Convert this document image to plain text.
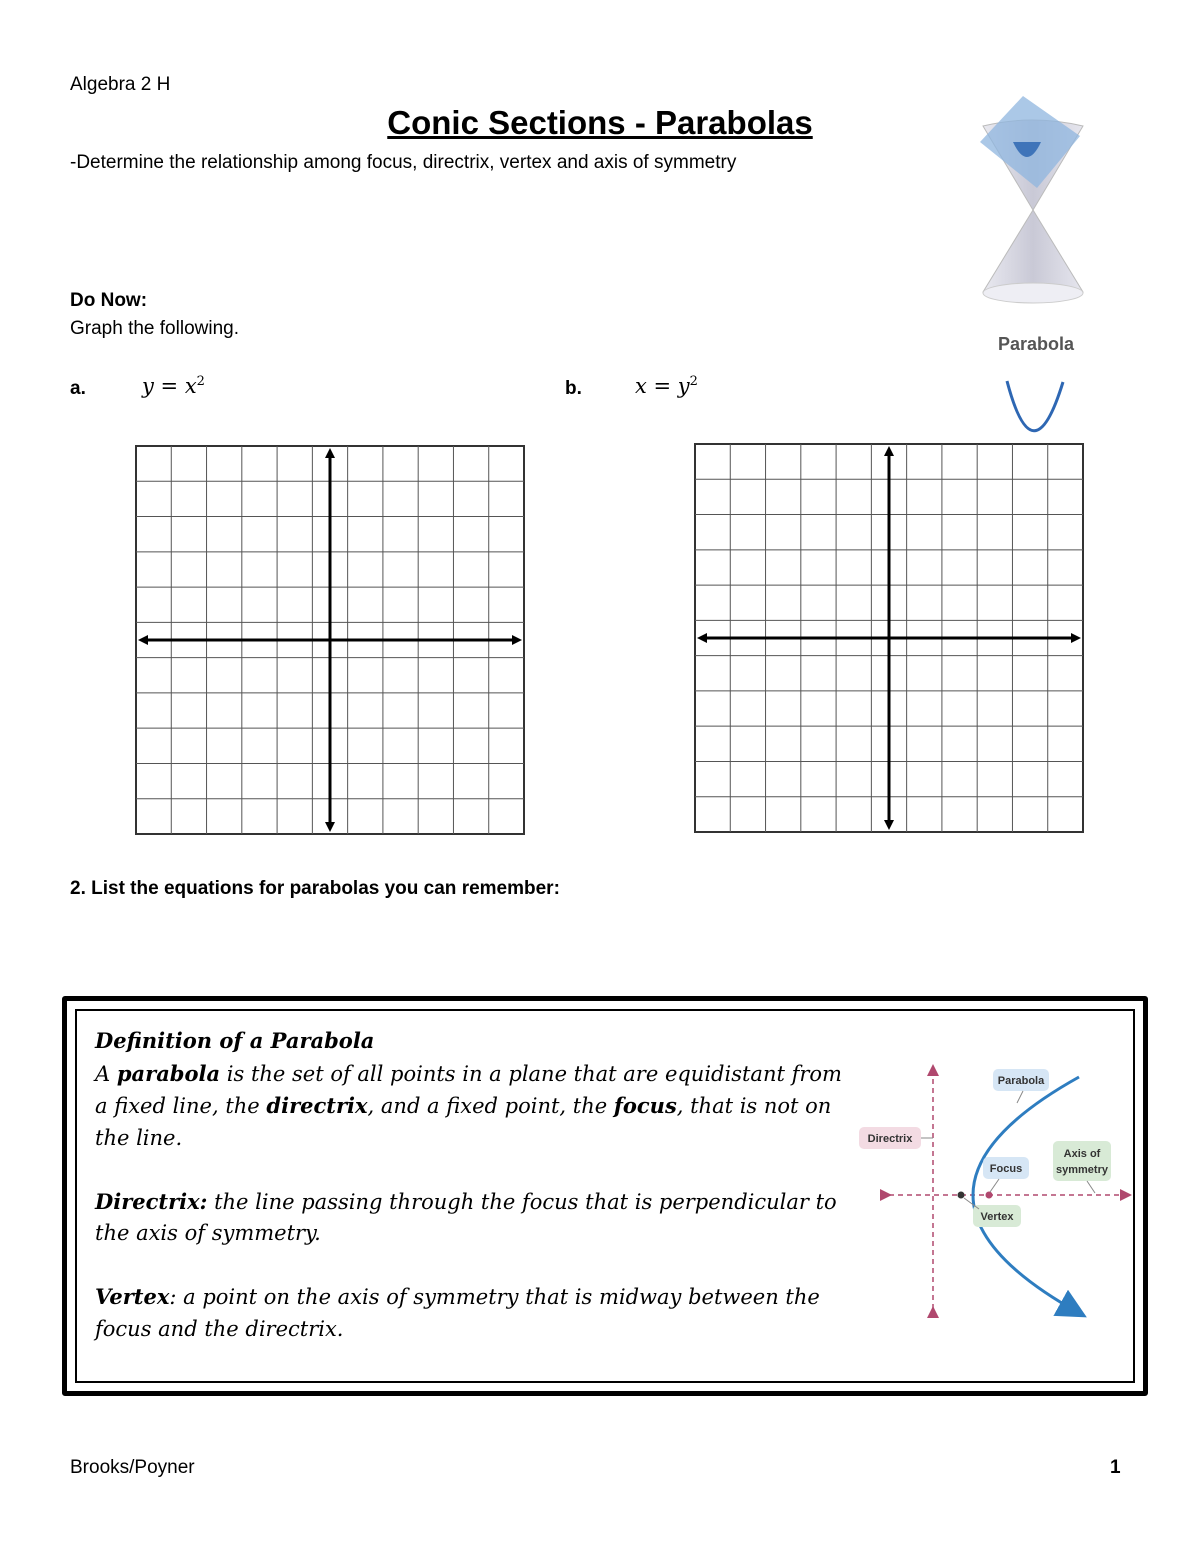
Algebra 2 H
Conic Sections - Parabolas
-Determine the relationship among focus, directrix, vertex and axis of symmetry
Parabola
Do Now:
Graph the following.
a.	$y = x^2$	b.	$x = y^2$
2. List the equations for parabolas you can remember:

Definition of a Parabola

A parabola is the set of all points in a plane that are equidistant from a fixed line, the directrix, and a fixed point, the focus, that is not on the line.

Directrix: the line passing through the focus that is perpendicular to the axis of symmetry.

Vertex: a point on the axis of symmetry that is midway between the focus and the directrix.

Parabola
Directrix
Focus
Axis of
symmetry
Vertex
Brooks/Poyner	1
